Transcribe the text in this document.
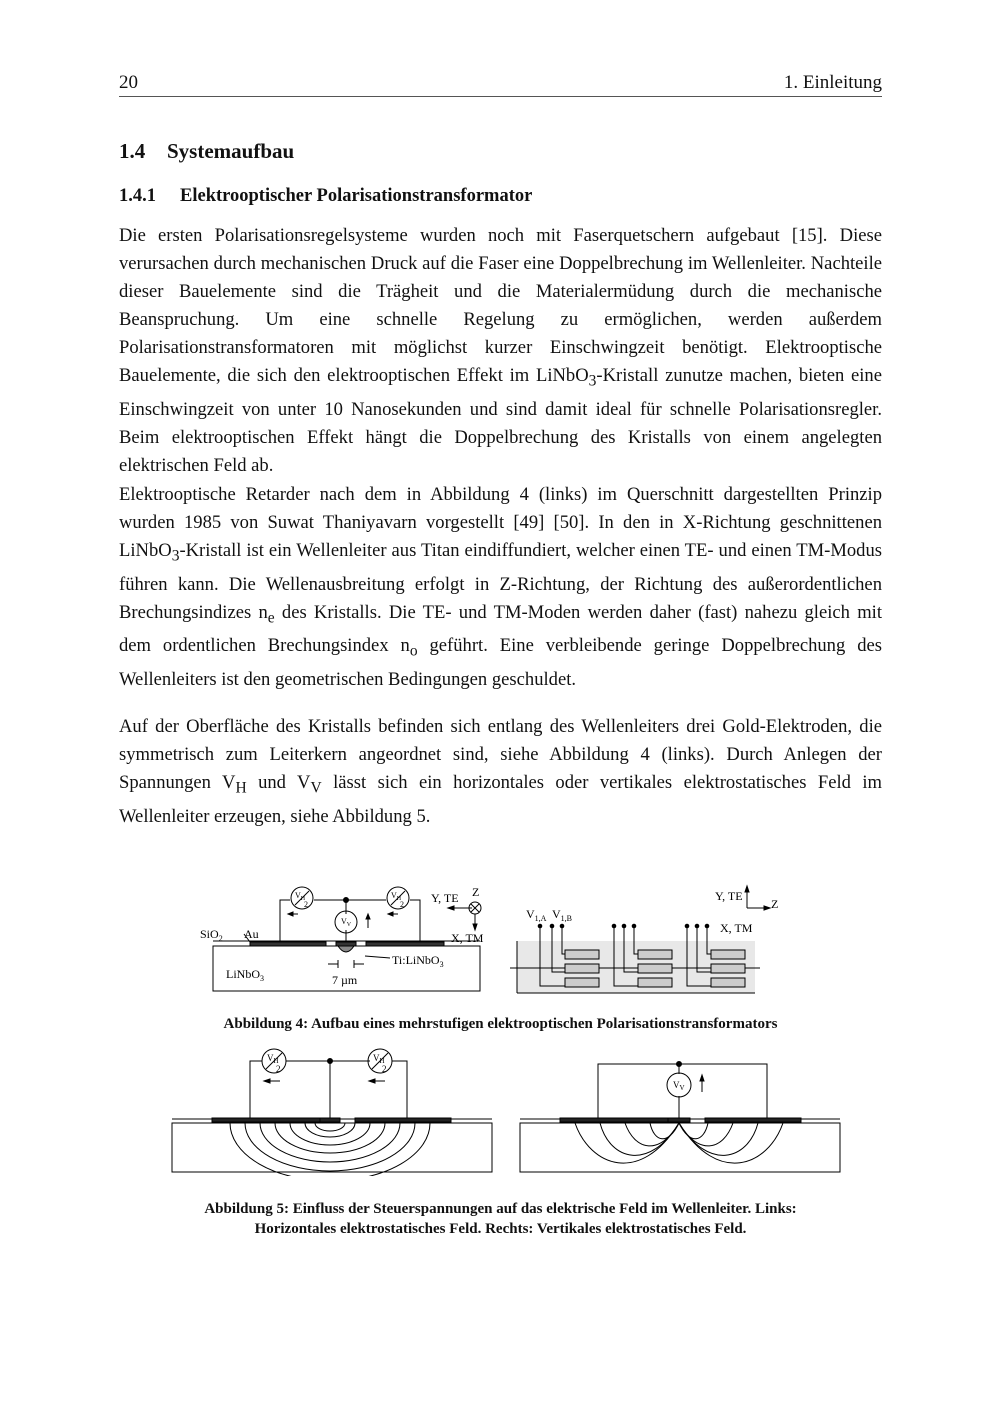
20	1. Einleitung
1.4 Systemaufbau
1.4.1 Elektrooptischer Polarisationstransformator

Die ersten Polarisationsregelsysteme wurden noch mit Faserquetschern aufgebaut [15]. Diese verursachen durch mechanischen Druck auf die Faser eine Doppelbrechung im Wellenleiter. Nachteile dieser Bauelemente sind die Trägheit und die Materialermüdung durch die mechanische Beanspruchung. Um eine schnelle Regelung zu ermöglichen, werden außerdem Polarisationstransformatoren mit möglichst kurzer Einschwingzeit benötigt. Elektrooptische Bauelemente, die sich den elektrooptischen Effekt im LiNbO$_3$-Kristall zunutze machen, bieten eine Einschwingzeit von unter 10 Nanosekunden und sind damit ideal für schnelle Polarisationsregler. Beim elektrooptischen Effekt hängt die Doppelbrechung des Kristalls von einem angelegten elektrischen Feld ab.

Elektrooptische Retarder nach dem in Abbildung 4 (links) im Querschnitt dargestellten Prinzip wurden 1985 von Suwat Thaniyavarn vorgestellt [49] [50]. In den in X-Richtung geschnittenen LiNbO$_3$-Kristall ist ein Wellenleiter aus Titan eindiffundiert, welcher einen TE- und einen TM-Modus führen kann. Die Wellenausbreitung erfolgt in Z-Richtung, der Richtung des außerordentlichen Brechungsindizes $n_e$ des Kristalls. Die TE- und TM-Moden werden daher (fast) nahezu gleich mit dem ordentlichen Brechungsindex $n_o$ geführt. Eine verbleibende geringe Doppelbrechung des Wellenleiters ist den geometrischen Bedingungen geschuldet.

Auf der Oberfläche des Kristalls befinden sich entlang des Wellenleiters drei Gold-Elektroden, die symmetrisch zum Leiterkern angeordnet sind, siehe Abbildung 4 (links). Durch Anlegen der Spannungen $V_H$ und $V_V$ lässt sich ein horizontales oder vertikales elektrostatisches Feld im Wellenleiter erzeugen, siehe Abbildung 5.

SiO$_2$ Au
LiNbO$_3$
Ti:LiNbO$_3$
7 µm
$V_H$
2
$V_H$
2
$V_V$
Y, TE Z
X, TM
$V_{1,A}$ $V_{1,B}$
Y, TE
Z
X, TM

Abbildung 4: Aufbau eines mehrstufigen elektrooptischen Polarisationstransformators

$V_H$
2
$V_H$
2
$V_V$

Abbildung 5: Einfluss der Steuerspannungen auf das elektrische Feld im Wellenleiter. Links:
Horizontales elektrostatisches Feld. Rechts: Vertikales elektrostatisches Feld.
